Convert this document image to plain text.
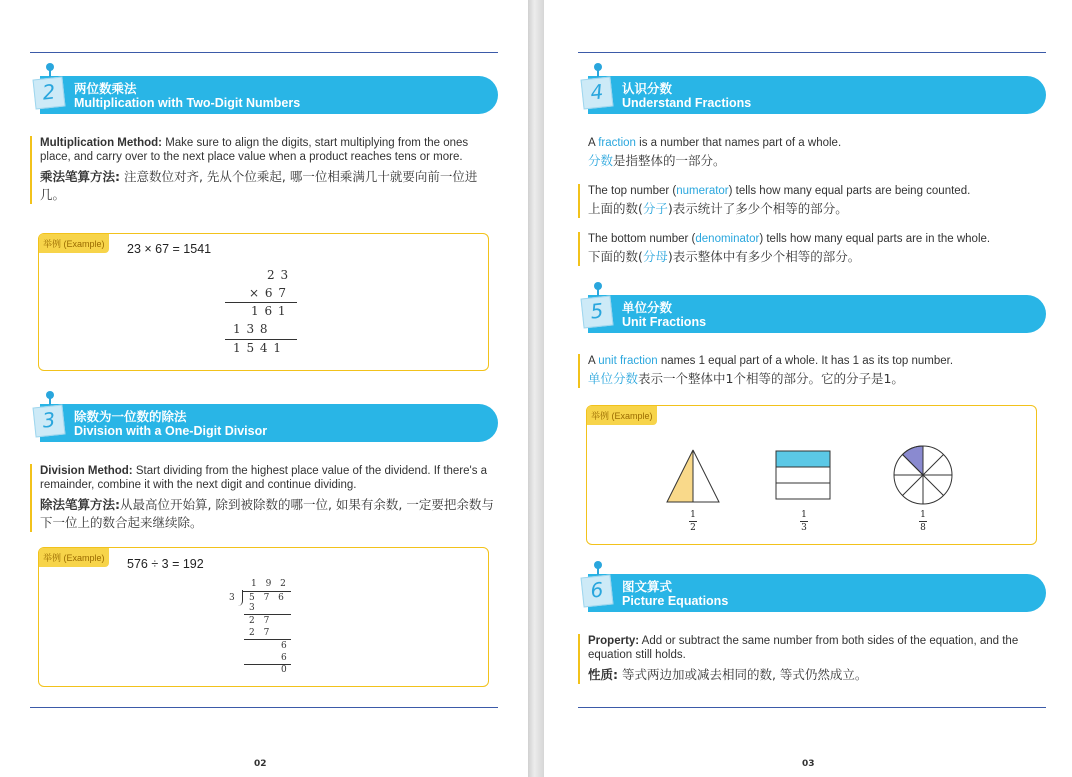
2	两位数乘法
Multiplication with Two-Digit Numbers
Multiplication Method: Make sure to align the digits, start multiplying from the ones place, and carry over to the next place value when a product reaches tens or more.
乘法笔算方法: 注意数位对齐, 先从个位乘起, 哪一位相乘满几十就要向前一位进几。
举例 (Example)	23 × 67 = 1541
2 3
× 6 7
1 6 1
1 3 8
1 5 4 1
3	除数为一位数的除法
Division with a One-Digit Divisor
Division Method: Start dividing from the highest place value of the dividend. If there's a remainder, combine it with the next digit and continue dividing.
除法笔算方法:从最高位开始算, 除到被除数的哪一位, 如果有余数, 一定要把余数与下一位上的数合起来继续除。
举例 (Example)	576 ÷ 3 = 192
1 9 2
3 5 7 6
3
2 7
2 7
6
6
0
02
4	认识分数
Understand Fractions
A fraction is a number that names part of a whole.
分数是指整体的一部分。
The top number (numerator) tells how many equal parts are being counted.
上面的数(分子)表示统计了多少个相等的部分。
The bottom number (denominator) tells how many equal parts are in the whole.
下面的数(分母)表示整体中有多少个相等的部分。
5	单位分数
Unit Fractions
A unit fraction names 1 equal part of a whole. It has 1 as its top number.
单位分数表示一个整体中1个相等的部分。它的分子是1。
举例 (Example)
1
2
1
3
1
8
6	图文算式
Picture Equations
Property: Add or subtract the same number from both sides of the equation, and the equation still holds.
性质: 等式两边加或减去相同的数, 等式仍然成立。
03
